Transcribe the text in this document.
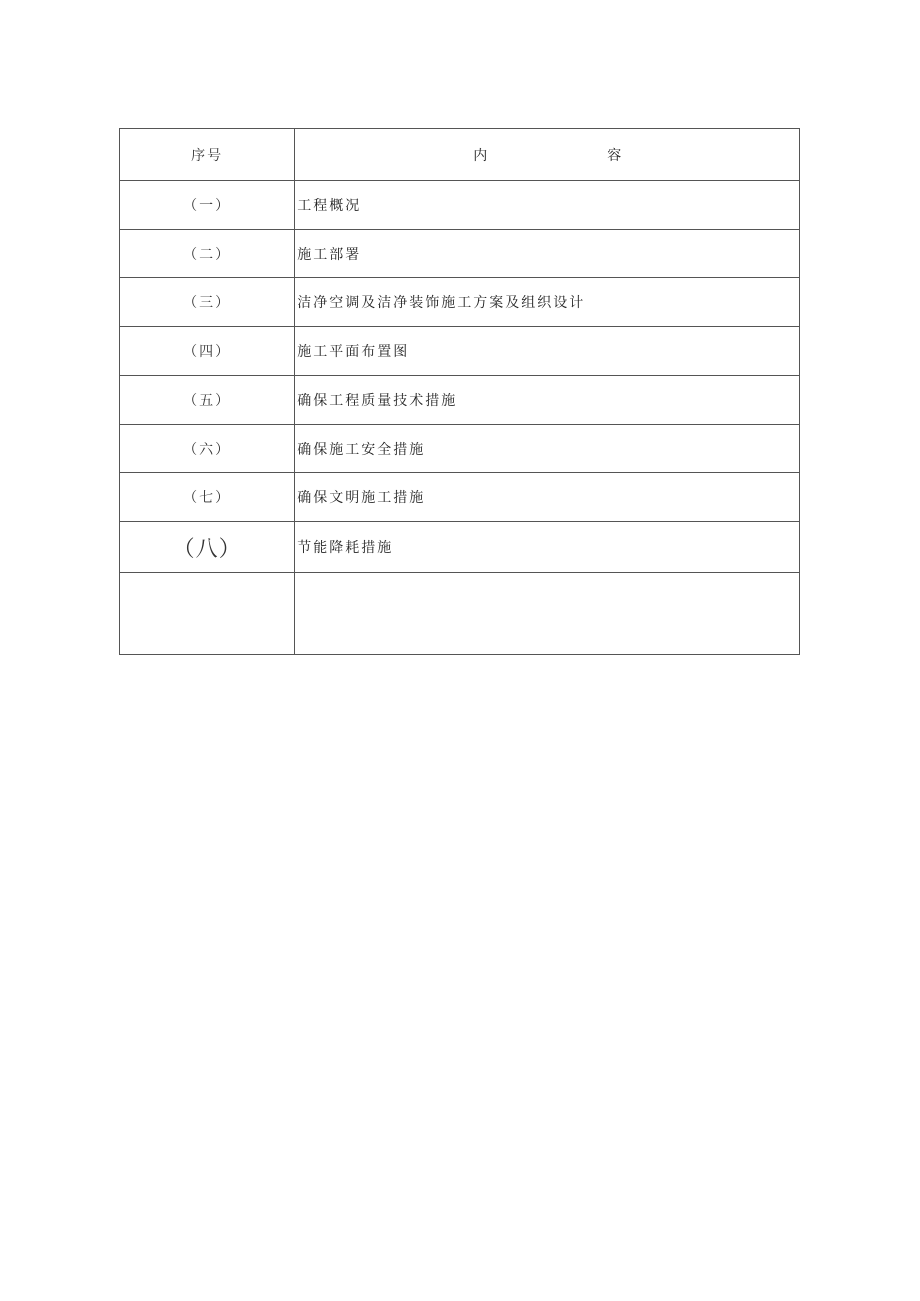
序号	内 容

（一）	工程概况
（二）	施工部署
（三）	洁净空调及洁净装饰施工方案及组织设计
（四）	施工平面布置图
（五）	确保工程质量技术措施
（六）	确保施工安全措施
（七）	确保文明施工措施
（八）	节能降耗措施
